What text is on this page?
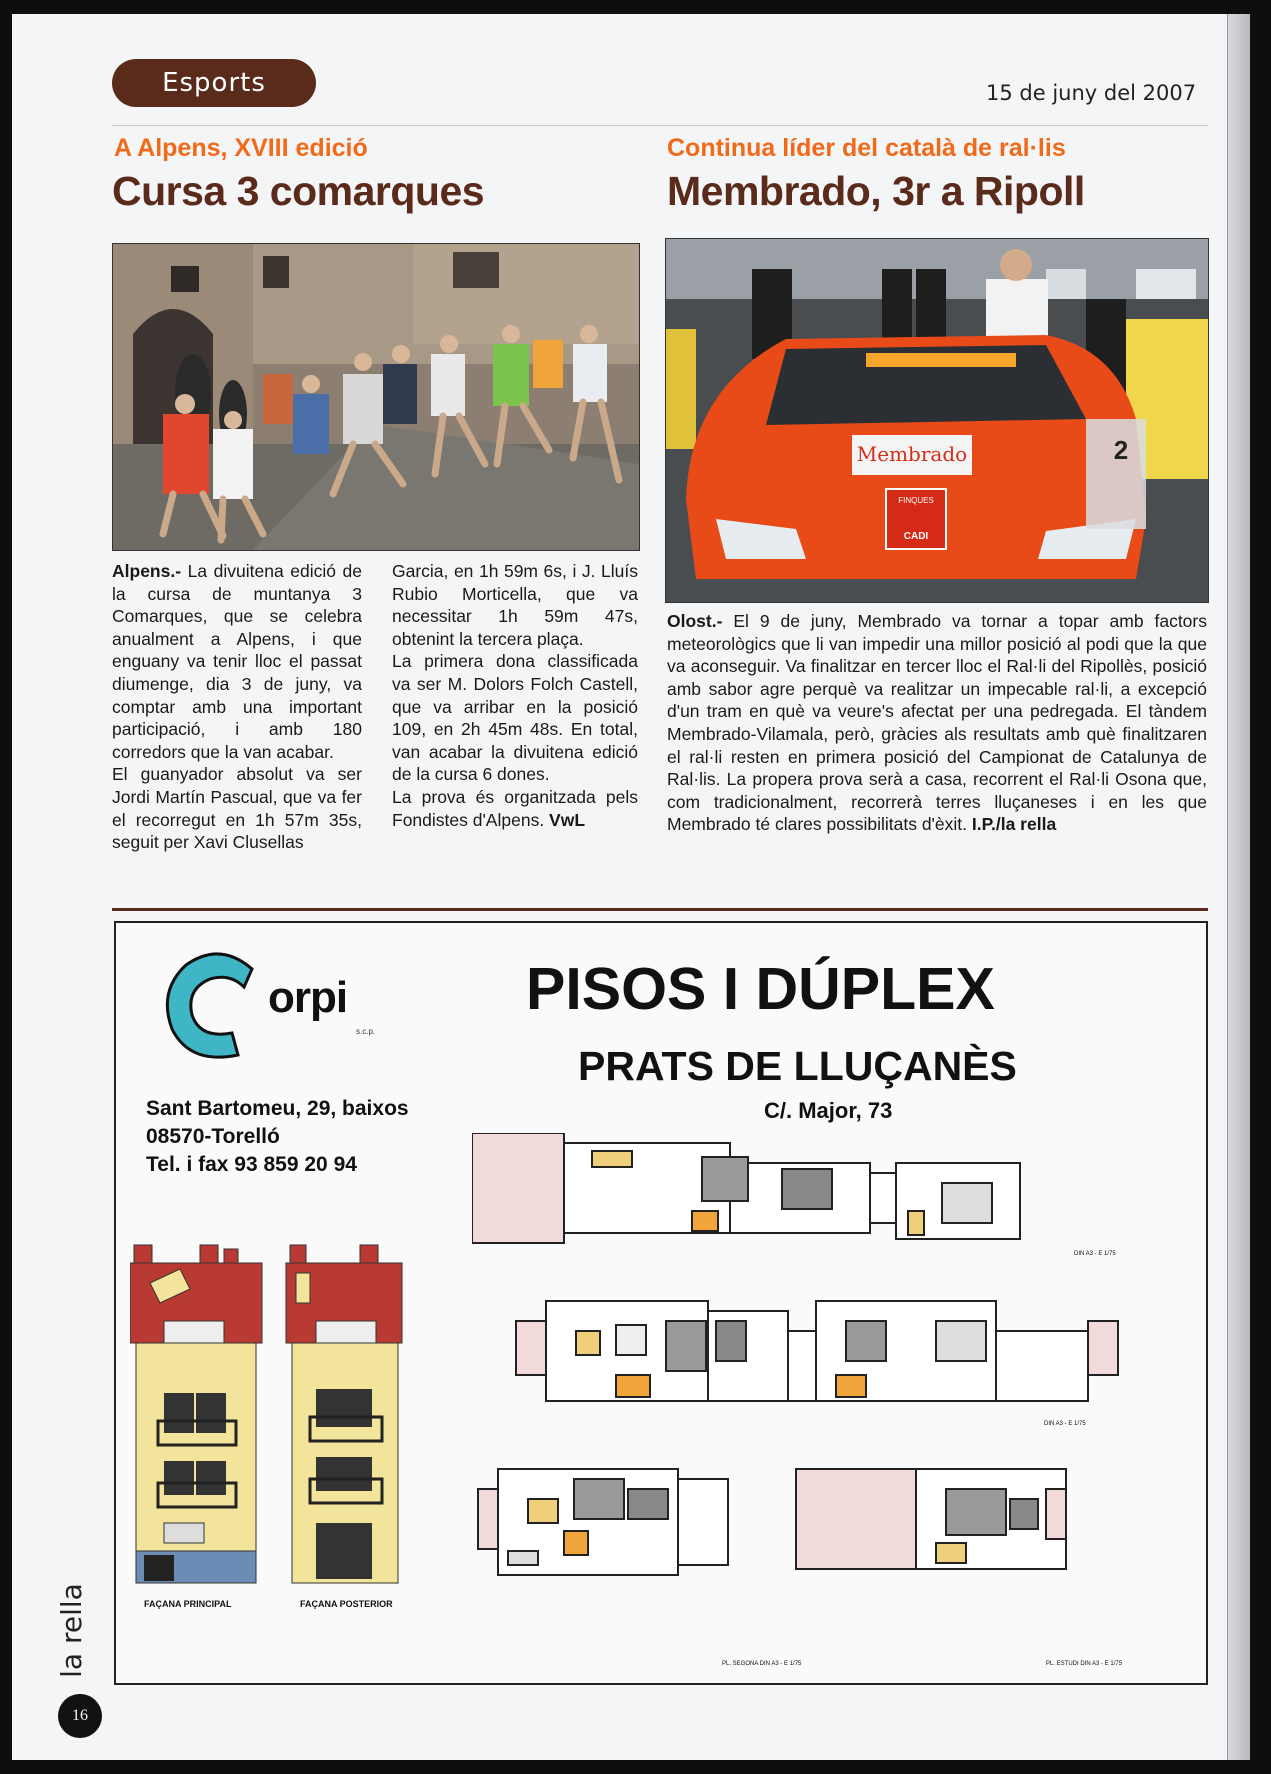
Esports	15 de juny del 2007
A Alpens, XVIII edició
Cursa 3 comarques

Alpens.- La divuitena edició de la cursa de muntanya 3 Comarques, que se celebra anualment a Alpens, i que enguany va tenir lloc el passat diumenge, dia 3 de juny, va comptar amb una important participació, i amb 180 corredors que la van acabar.

El guanyador absolut va ser Jordi Martín Pascual, que va fer el recorregut en 1h 57m 35s, seguit per Xavi Clusellas

Garcia, en 1h 59m 6s, i J. Lluís Rubio Morticella, que va necessitar 1h 59m 47s, obtenint la tercera plaça.

La primera dona classificada va ser M. Dolors Folch Castell, que va arribar en la posició 109, en 2h 45m 48s. En total, van acabar la divuitena edició de la cursa 6 dones.

La prova és organitzada pels Fondistes d'Alpens. VwL

Continua líder del català de ral·lis
Membrado, 3r a Ripoll
Membrado
FINQUES
CADI
2

Olost.- El 9 de juny, Membrado va tornar a topar amb factors meteorològics que li van impedir una millor posició al podi que la que va aconseguir. Va finalitzar en tercer lloc el Ral·li del Ripollès, posició amb sabor agre perquè va realitzar un impecable ral·li, a excepció d'un tram en què va veure's afectat per una pedregada. El tàndem Membrado-Vilamala, però, gràcies als resultats amb què finalitzaren el ral·li resten en primera posició del Campionat de Catalunya de Ral·lis. La propera prova serà a casa, recorrent el Ral·li Osona que, com tradicionalment, recorrerà terres lluçaneses i en les que Membrado té clares possibilitats d'èxit. I.P./la rella

orpi
s.c.p.
Sant Bartomeu, 29, baixos
08570-Torelló
Tel. i fax 93 859 20 94
PISOS I DÚPLEX
PRATS DE LLUÇANÈS
C/. Major, 73
FAÇANA PRINCIPAL	FAÇANA POSTERIOR
DIN A3 - E 1/75
DIN A3 - E 1/75
PL. SEGONA DIN A3 - E 1/75	PL. ESTUDI DIN A3 - E 1/75
la rella
16
